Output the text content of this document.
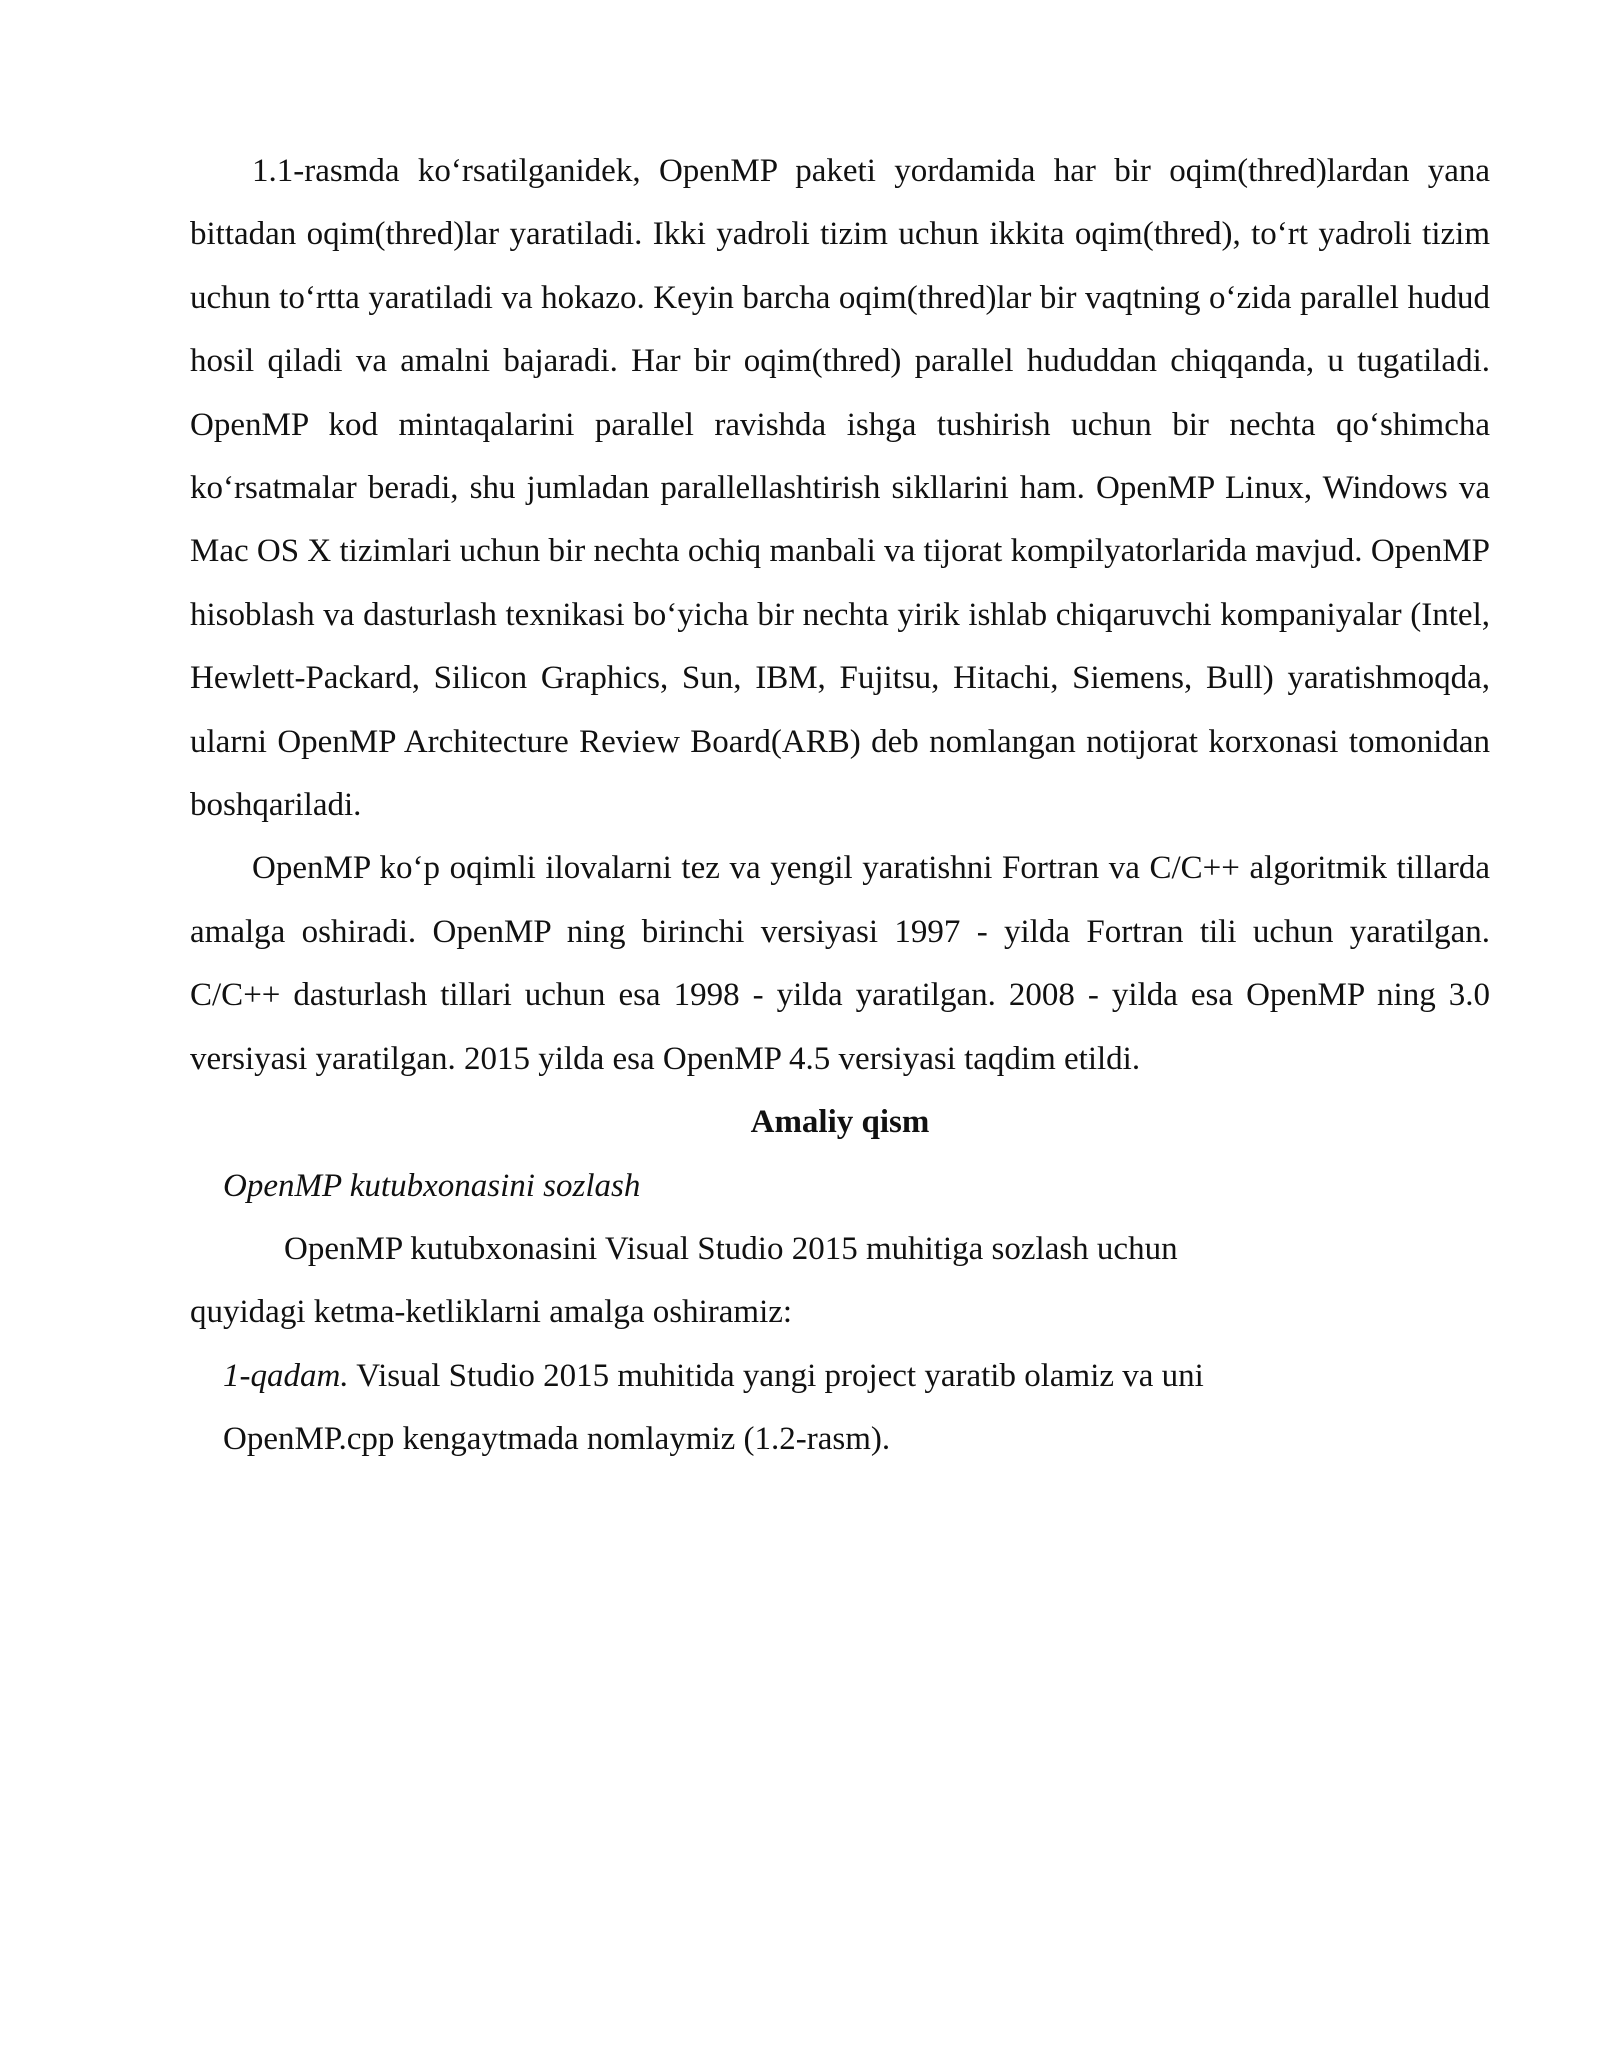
1.1-rasmda ko‘rsatilganidek, OpenMP paketi yordamida har bir oqim(thred)lardan yana bittadan oqim(thred)lar yaratiladi. Ikki yadroli tizim uchun ikkita oqim(thred), to‘rt yadroli tizim uchun to‘rtta yaratiladi va hokazo. Keyin barcha oqim(thred)lar bir vaqtning o‘zida parallel hudud hosil qiladi va amalni bajaradi. Har bir oqim(thred) parallel hududdan chiqqanda, u tugatiladi. OpenMP kod mintaqalarini parallel ravishda ishga tushirish uchun bir nechta qo‘shimcha ko‘rsatmalar beradi, shu jumladan parallellashtirish sikllarini ham. OpenMP Linux, Windows va Mac OS X tizimlari uchun bir nechta ochiq manbali va tijorat kompilyatorlarida mavjud. OpenMP hisoblash va dasturlash texnikasi bo‘yicha bir nechta yirik ishlab chiqaruvchi kompaniyalar (Intel, Hewlett-Packard, Silicon Graphics, Sun, IBM, Fujitsu, Hitachi, Siemens, Bull) yaratishmoqda, ularni OpenMP Architecture Review Board(ARB) deb nomlangan notijorat korxonasi tomonidan boshqariladi.

OpenMP ko‘p oqimli ilovalarni tez va yengil yaratishni Fortran va C/C++ algoritmik tillarda amalga oshiradi. OpenMP ning birinchi versiyasi 1997 - yilda Fortran tili uchun yaratilgan. C/C++ dasturlash tillari uchun esa 1998 - yilda yaratilgan. 2008 - yilda esa OpenMP ning 3.0 versiyasi yaratilgan. 2015 yilda esa OpenMP 4.5 versiyasi taqdim etildi.

Amaliy qism

OpenMP kutubxonasini sozlash

OpenMP kutubxonasini Visual Studio 2015 muhitiga sozlash uchun

quyidagi ketma-ketliklarni amalga oshiramiz:

1-qadam. Visual Studio 2015 muhitida yangi project yaratib olamiz va uni

OpenMP.cpp kengaytmada nomlaymiz (1.2-rasm).
